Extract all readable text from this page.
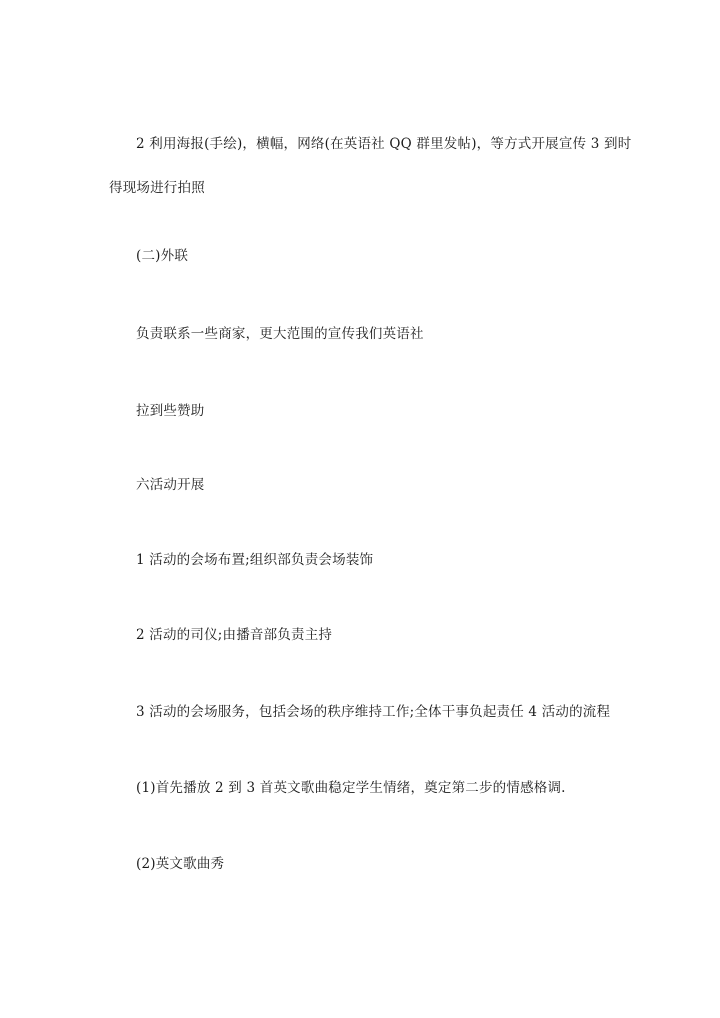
2 利用海报(手绘)，横幅，网络(在英语社 QQ 群里发帖)，等方式开展宣传 3 到时
得现场进行拍照
(二)外联
负责联系一些商家，更大范围的宣传我们英语社
拉到些赞助
六活动开展
1 活动的会场布置;组织部负责会场装饰
2 活动的司仪;由播音部负责主持
3 活动的会场服务，包括会场的秩序维持工作;全体干事负起责任 4 活动的流程
(1)首先播放 2 到 3 首英文歌曲稳定学生情绪，奠定第二步的情感格调.
(2)英文歌曲秀
